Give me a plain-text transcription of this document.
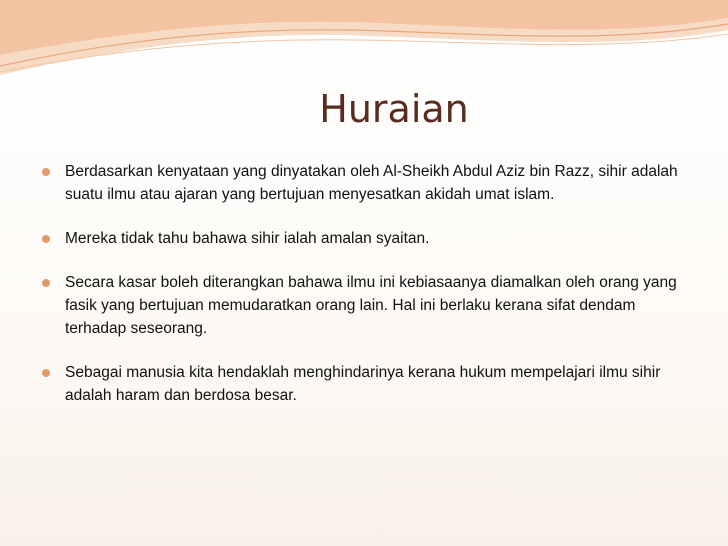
Huraian
Berdasarkan kenyataan yang dinyatakan oleh Al-Sheikh Abdul Aziz bin Razz, sihir adalah suatu ilmu atau ajaran yang bertujuan menyesatkan akidah umat islam.
Mereka tidak tahu bahawa sihir ialah amalan syaitan.
Secara kasar boleh diterangkan bahawa ilmu ini kebiasaanya diamalkan oleh orang yang fasik yang bertujuan memudaratkan orang lain. Hal ini berlaku kerana sifat dendam terhadap seseorang.
Sebagai manusia kita hendaklah menghindarinya kerana hukum mempelajari ilmu sihir adalah haram dan berdosa besar.
